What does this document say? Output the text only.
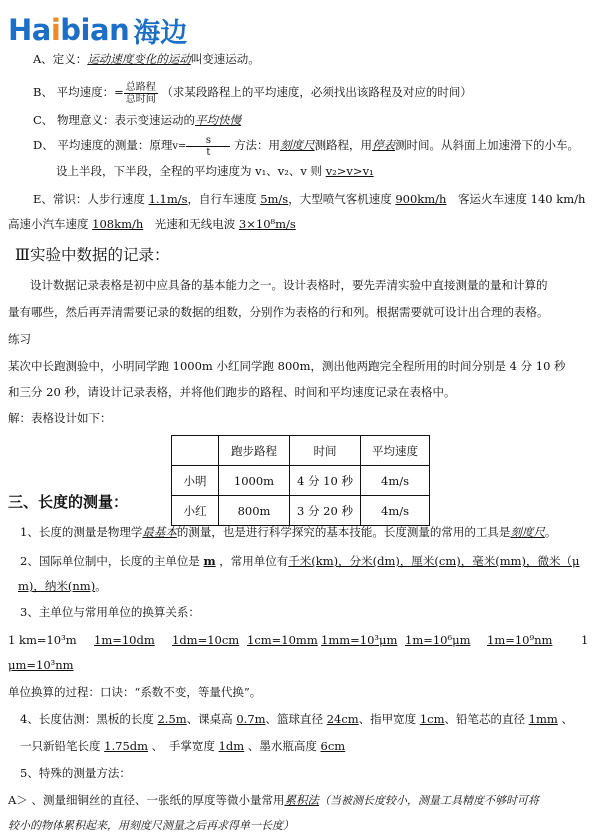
Haibian 海边
A、定义：运动速度变化的运动叫变速运动。
B、 平均速度：= $\frac{\text{总路程}}{\text{总时间}}$ （求某段路程上的平均速度，必须找出该路程及对应的时间）
C、 物理意义：表示变速运动的平均快慢
D、 平均速度的测量：原理$v= \frac{s}{t}$ 方法：用刻度尺测路程，用停表测时间。从斜面上加速滑下的小车。
设上半段，下半段，全程的平均速度为 v₁、v₂、v 则 v₂>v>v₁
E、常识：人步行速度 1.1m/s，自行车速度 5m/s，大型喷气客机速度 900km/h　客运火车速度 140 km/h
高速小汽车速度 108km/h　光速和无线电波 3×10⁸m/s
Ⅲ实验中数据的记录：
设计数据记录表格是初中应具备的基本能力之一。设计表格时，要先弄清实验中直接测量的量和计算的
量有哪些，然后再弄清需要记录的数据的组数，分别作为表格的行和列。根据需要就可设计出合理的表格。
练习
某次中长跑测验中，小明同学跑 1000m 小红同学跑 800m，测出他两跑完全程所用的时间分别是 4 分 10 秒
和三分 20 秒，请设计记录表格，并将他们跑步的路程、时间和平均速度记录在表格中。
解：表格设计如下：
	跑步路程	时间	平均速度
小明	1000m	4 分 10 秒	4m/s
小红	800m	3 分 20 秒	4m/s
三、长度的测量：
1、长度的测量是物理学最基本的测量，也是进行科学探究的基本技能。长度测量的常用的工具是刻度尺。
2、国际单位制中，长度的主单位是 m ，常用单位有千米(km)，分米(dm)，厘米(cm)，毫米(mm)，微米（μ
m)，纳米(nm)。
3、主单位与常用单位的换算关系：
1 km=10³m 1m=10dm 1dm=10cm 1cm=10mm 1mm=10³μm 1m=10⁶μm 1m=10⁹nm 1
μm=10³nm
单位换算的过程：口诀：“系数不变，等量代换”。
4、长度估测：黑板的长度 2.5m、课桌高 0.7m、篮球直径 24cm、指甲宽度 1cm、铅笔芯的直径 1mm 、
一只新铅笔长度 1.75dm 、　手掌宽度 1dm 、墨水瓶高度 6cm
5、特殊的测量方法：
A＞ 、测量细铜丝的直径、一张纸的厚度等微小量常用累积法（当被测长度较小，测量工具精度不够时可将
较小的物体累积起来，用刻度尺测量之后再求得单一长度）
